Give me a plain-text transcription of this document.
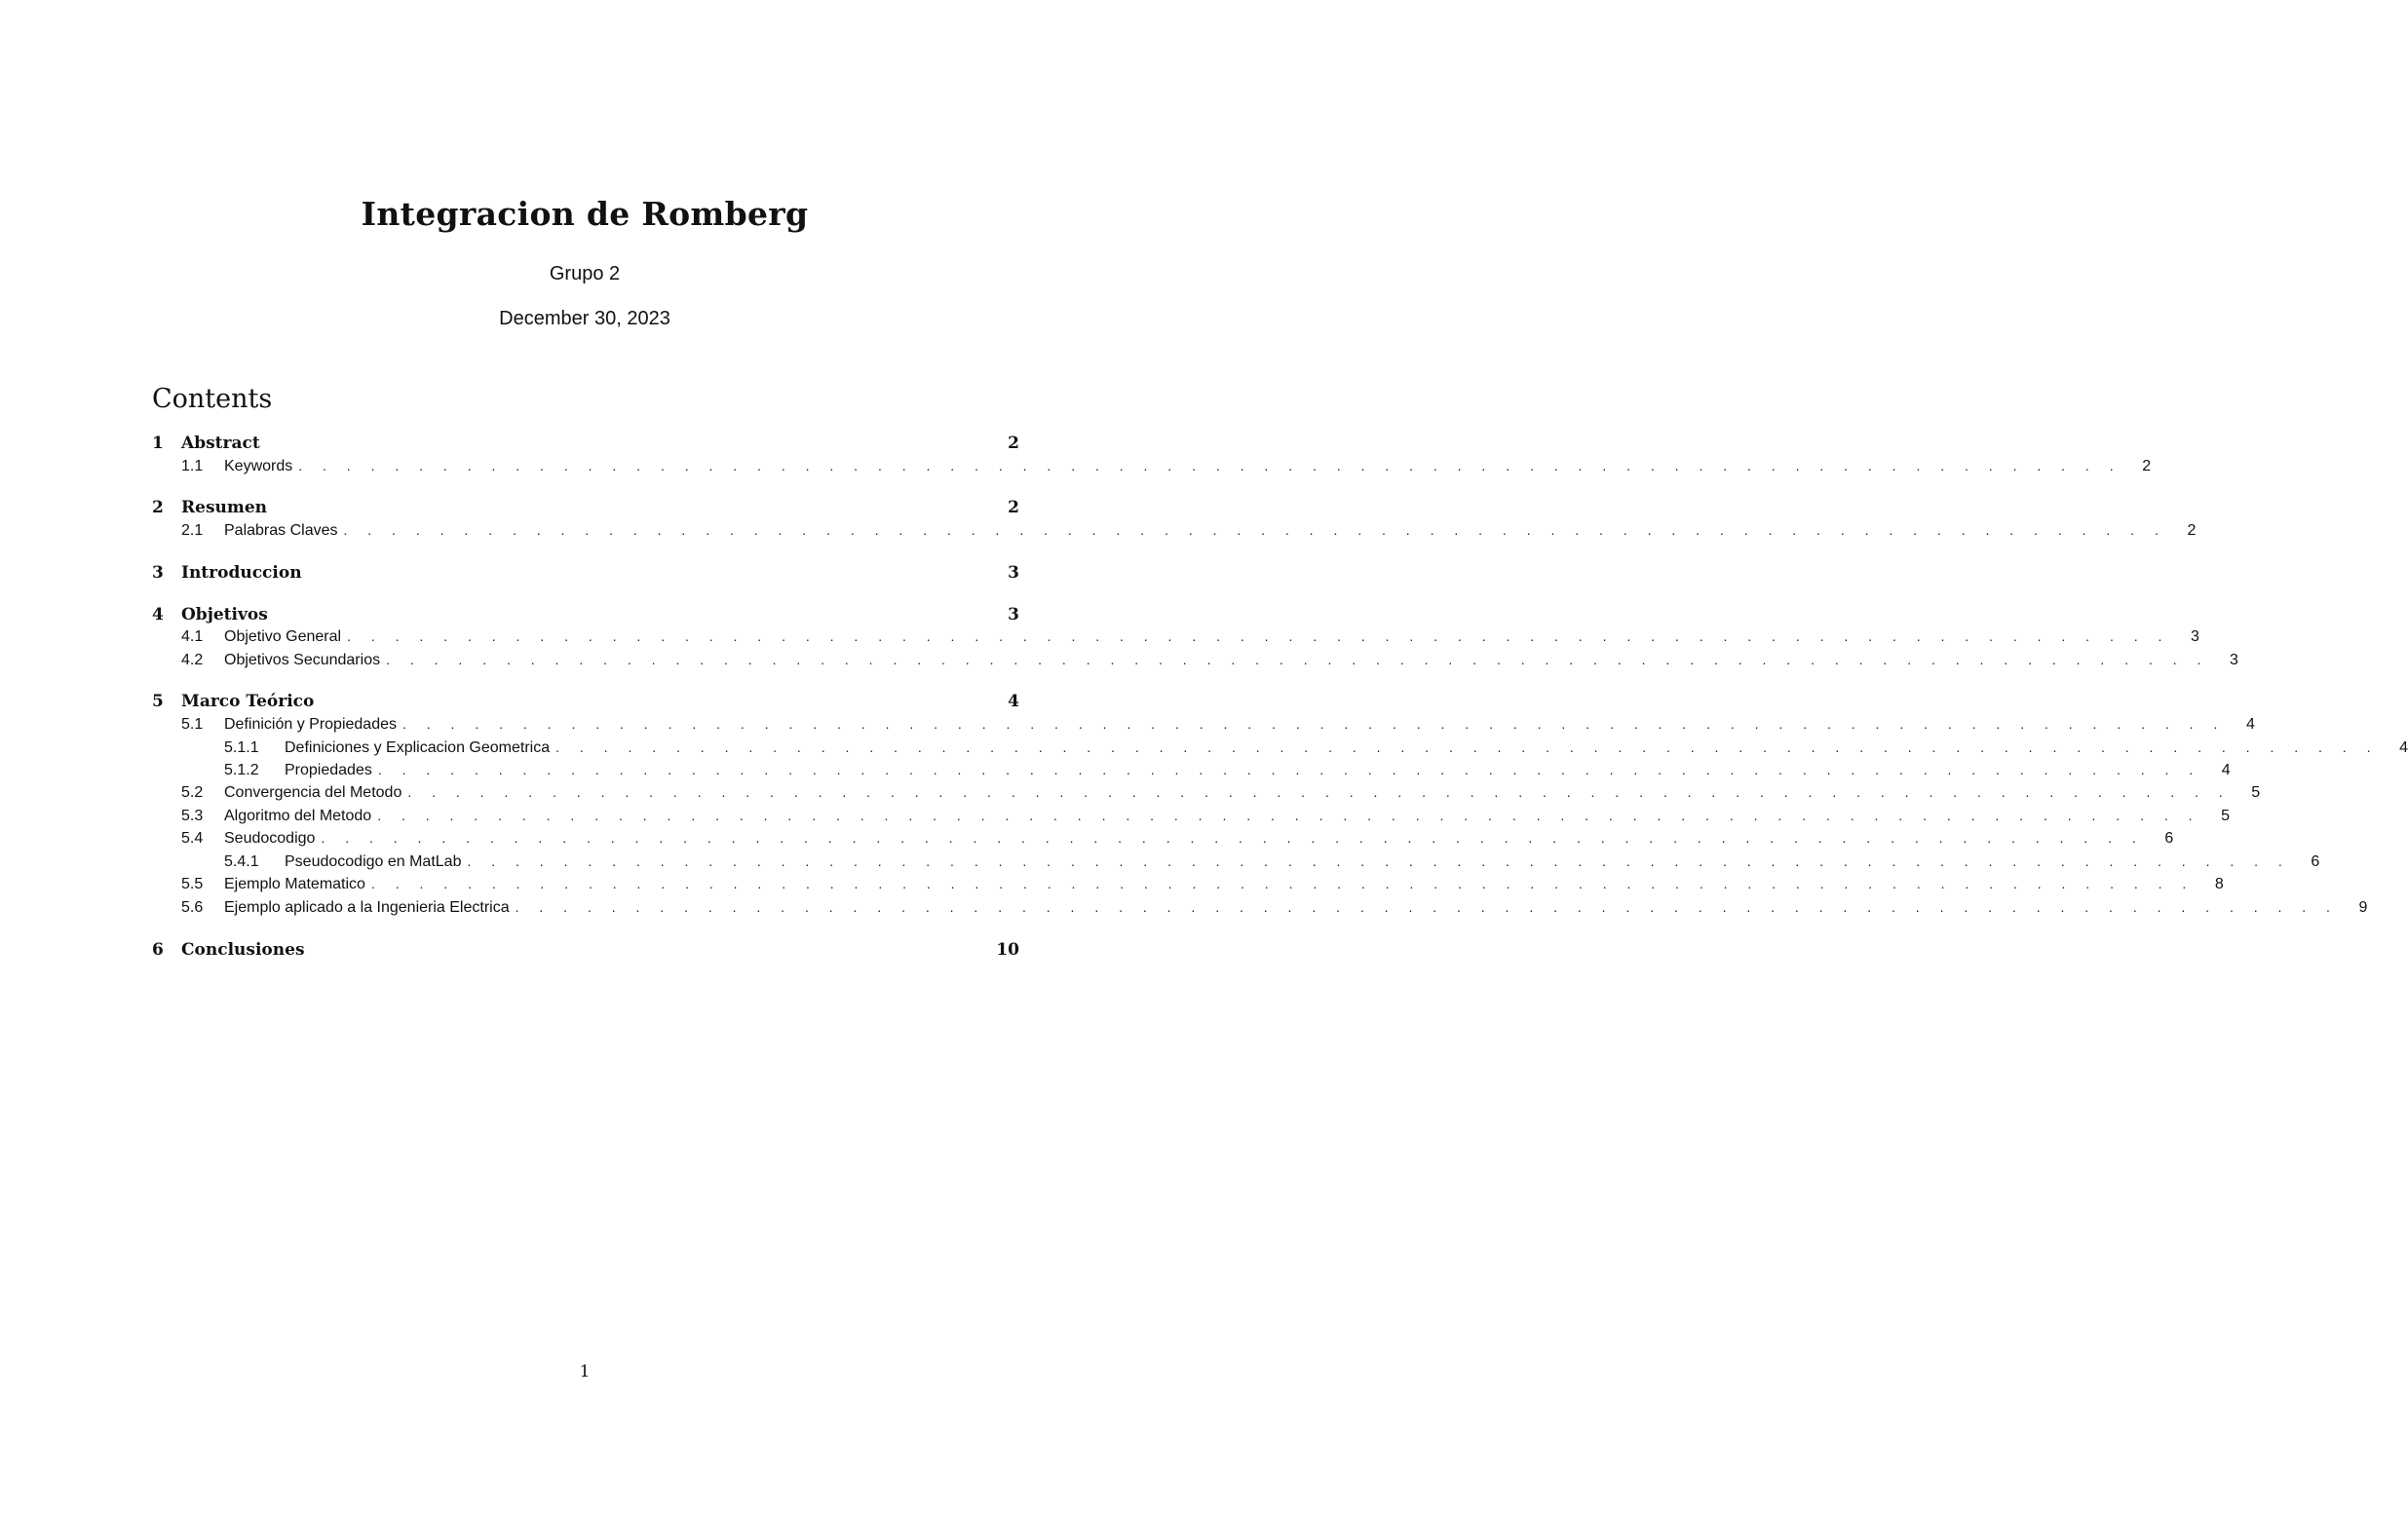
Integracion de Romberg
Grupo 2
December 30, 2023
Contents
1	Abstract	2
1.1	Keywords . . . . . . . . . . . . . . . . . . . . . . . . . . . . . . . . . . . . . . . . . . . . . . . . . . . . . . . . . . . . . . . . . . . . . . . . . . . .	2
2	Resumen	2
2.1	Palabras Claves . . . . . . . . . . . . . . . . . . . . . . . . . . . . . . . . . . . . . . . . . . . . . . . . . . . . . . . . . . . . . . . . . . . . . . . . . . . .	2
3	Introduccion	3
4	Objetivos	3
4.1	Objetivo General . . . . . . . . . . . . . . . . . . . . . . . . . . . . . . . . . . . . . . . . . . . . . . . . . . . . . . . . . . . . . . . . . . . . . . . . . . . .	3
4.2	Objetivos Secundarios . . . . . . . . . . . . . . . . . . . . . . . . . . . . . . . . . . . . . . . . . . . . . . . . . . . . . . . . . . . . . . . . . . . . . . . . . . . .	3
5	Marco Teórico	4
5.1	Definición y Propiedades . . . . . . . . . . . . . . . . . . . . . . . . . . . . . . . . . . . . . . . . . . . . . . . . . . . . . . . . . . . . . . . . . . . . . . . . . . . .	4
5.1.1	Definiciones y Explicacion Geometrica . . . . . . . . . . . . . . . . . . . . . . . . . . . . . . . . . . . . . . . . . . . . . . . . . . . . . . . . . . . . . . . . . . . . . . . . . . . .	4
5.1.2	Propiedades . . . . . . . . . . . . . . . . . . . . . . . . . . . . . . . . . . . . . . . . . . . . . . . . . . . . . . . . . . . . . . . . . . . . . . . . . . . .	4
5.2	Convergencia del Metodo . . . . . . . . . . . . . . . . . . . . . . . . . . . . . . . . . . . . . . . . . . . . . . . . . . . . . . . . . . . . . . . . . . . . . . . . . . . .	5
5.3	Algoritmo del Metodo . . . . . . . . . . . . . . . . . . . . . . . . . . . . . . . . . . . . . . . . . . . . . . . . . . . . . . . . . . . . . . . . . . . . . . . . . . . .	5
5.4	Seudocodigo . . . . . . . . . . . . . . . . . . . . . . . . . . . . . . . . . . . . . . . . . . . . . . . . . . . . . . . . . . . . . . . . . . . . . . . . . . . .	6
5.4.1	Pseudocodigo en MatLab . . . . . . . . . . . . . . . . . . . . . . . . . . . . . . . . . . . . . . . . . . . . . . . . . . . . . . . . . . . . . . . . . . . . . . . . . . . .	6
5.5	Ejemplo Matematico . . . . . . . . . . . . . . . . . . . . . . . . . . . . . . . . . . . . . . . . . . . . . . . . . . . . . . . . . . . . . . . . . . . . . . . . . . . .	8
5.6	Ejemplo aplicado a la Ingenieria Electrica . . . . . . . . . . . . . . . . . . . . . . . . . . . . . . . . . . . . . . . . . . . . . . . . . . . . . . . . . . . . . . . . . . . . . . . . . . . .	9
6	Conclusiones	10
1
